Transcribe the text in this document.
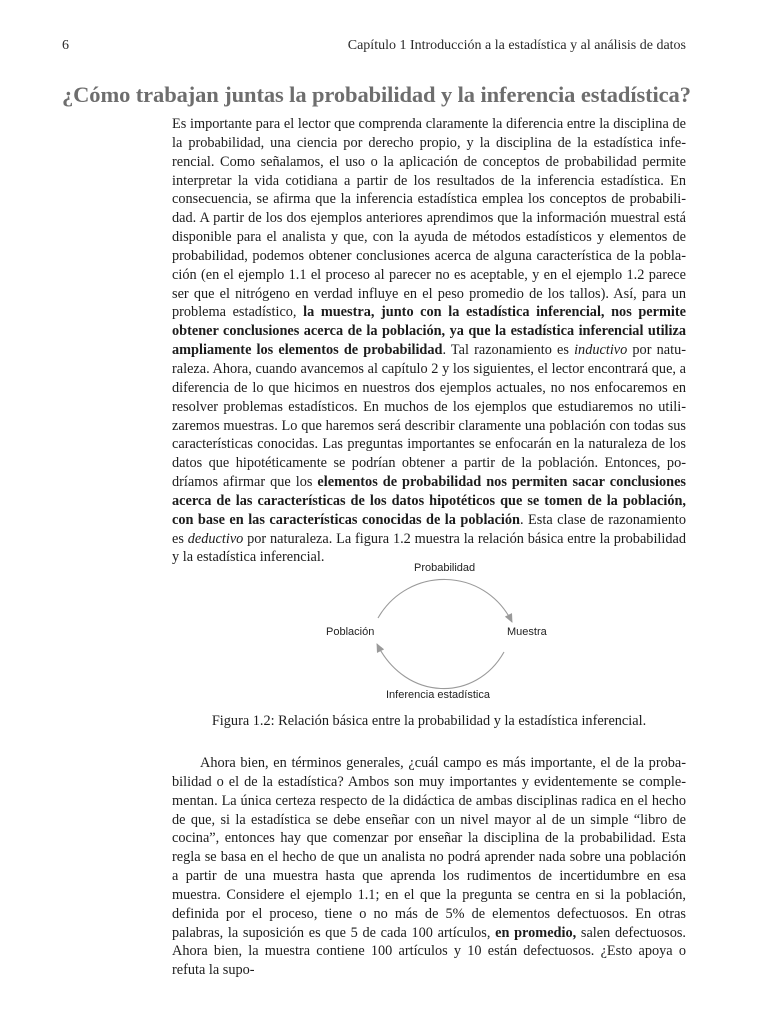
6	Capítulo 1 Introducción a la estadística y al análisis de datos
¿Cómo trabajan juntas la probabilidad y la inferencia estadística?
Es importante para el lector que comprenda claramente la diferencia entre la disciplina de la probabilidad, una ciencia por derecho propio, y la disciplina de la estadística inferencial. Como señalamos, el uso o la aplicación de conceptos de probabilidad permite interpretar la vida cotidiana a partir de los resultados de la inferencia estadística. En consecuencia, se afirma que la inferencia estadística emplea los conceptos de probabilidad. A partir de los dos ejemplos anteriores aprendimos que la información muestral está disponible para el analista y que, con la ayuda de métodos estadísticos y elementos de probabilidad, podemos obtener conclusiones acerca de alguna característica de la población (en el ejemplo 1.1 el proceso al parecer no es aceptable, y en el ejemplo 1.2 parece ser que el nitrógeno en verdad influye en el peso promedio de los tallos). Así, para un problema estadístico, la muestra, junto con la estadística inferencial, nos permite obtener conclusiones acerca de la población, ya que la estadística inferencial utiliza ampliamente los elementos de probabilidad. Tal razonamiento es inductivo por naturaleza. Ahora, cuando avancemos al capítulo 2 y los siguientes, el lector encontrará que, a diferencia de lo que hicimos en nuestros dos ejemplos actuales, no nos enfocaremos en resolver problemas estadísticos. En muchos de los ejemplos que estudiaremos no utilizaremos muestras. Lo que haremos será describir claramente una población con todas sus características conocidas. Las preguntas importantes se enfocarán en la naturaleza de los datos que hipotéticamente se podrían obtener a partir de la población. Entonces, podríamos afirmar que los elementos de probabilidad nos permiten sacar conclusiones acerca de las características de los datos hipotéticos que se tomen de la población, con base en las características conocidas de la población. Esta clase de razonamiento es deductivo por naturaleza. La figura 1.2 muestra la relación básica entre la probabilidad y la estadística inferencial.
Probabilidad
Población	Muestra
Inferencia estadística
Figura 1.2: Relación básica entre la probabilidad y la estadística inferencial.
Ahora bien, en términos generales, ¿cuál campo es más importante, el de la probabilidad o el de la estadística? Ambos son muy importantes y evidentemente se complementan. La única certeza respecto de la didáctica de ambas disciplinas radica en el hecho de que, si la estadística se debe enseñar con un nivel mayor al de un simple “libro de cocina”, entonces hay que comenzar por enseñar la disciplina de la probabilidad. Esta regla se basa en el hecho de que un analista no podrá aprender nada sobre una población a partir de una muestra hasta que aprenda los rudimentos de incertidumbre en esa muestra. Considere el ejemplo 1.1; en el que la pregunta se centra en si la población, definida por el proceso, tiene o no más de 5% de elementos defectuosos. En otras palabras, la suposición es que 5 de cada 100 artículos, en promedio, salen defectuosos. Ahora bien, la muestra contiene 100 artículos y 10 están defectuosos. ¿Esto apoya o refuta la supo-
